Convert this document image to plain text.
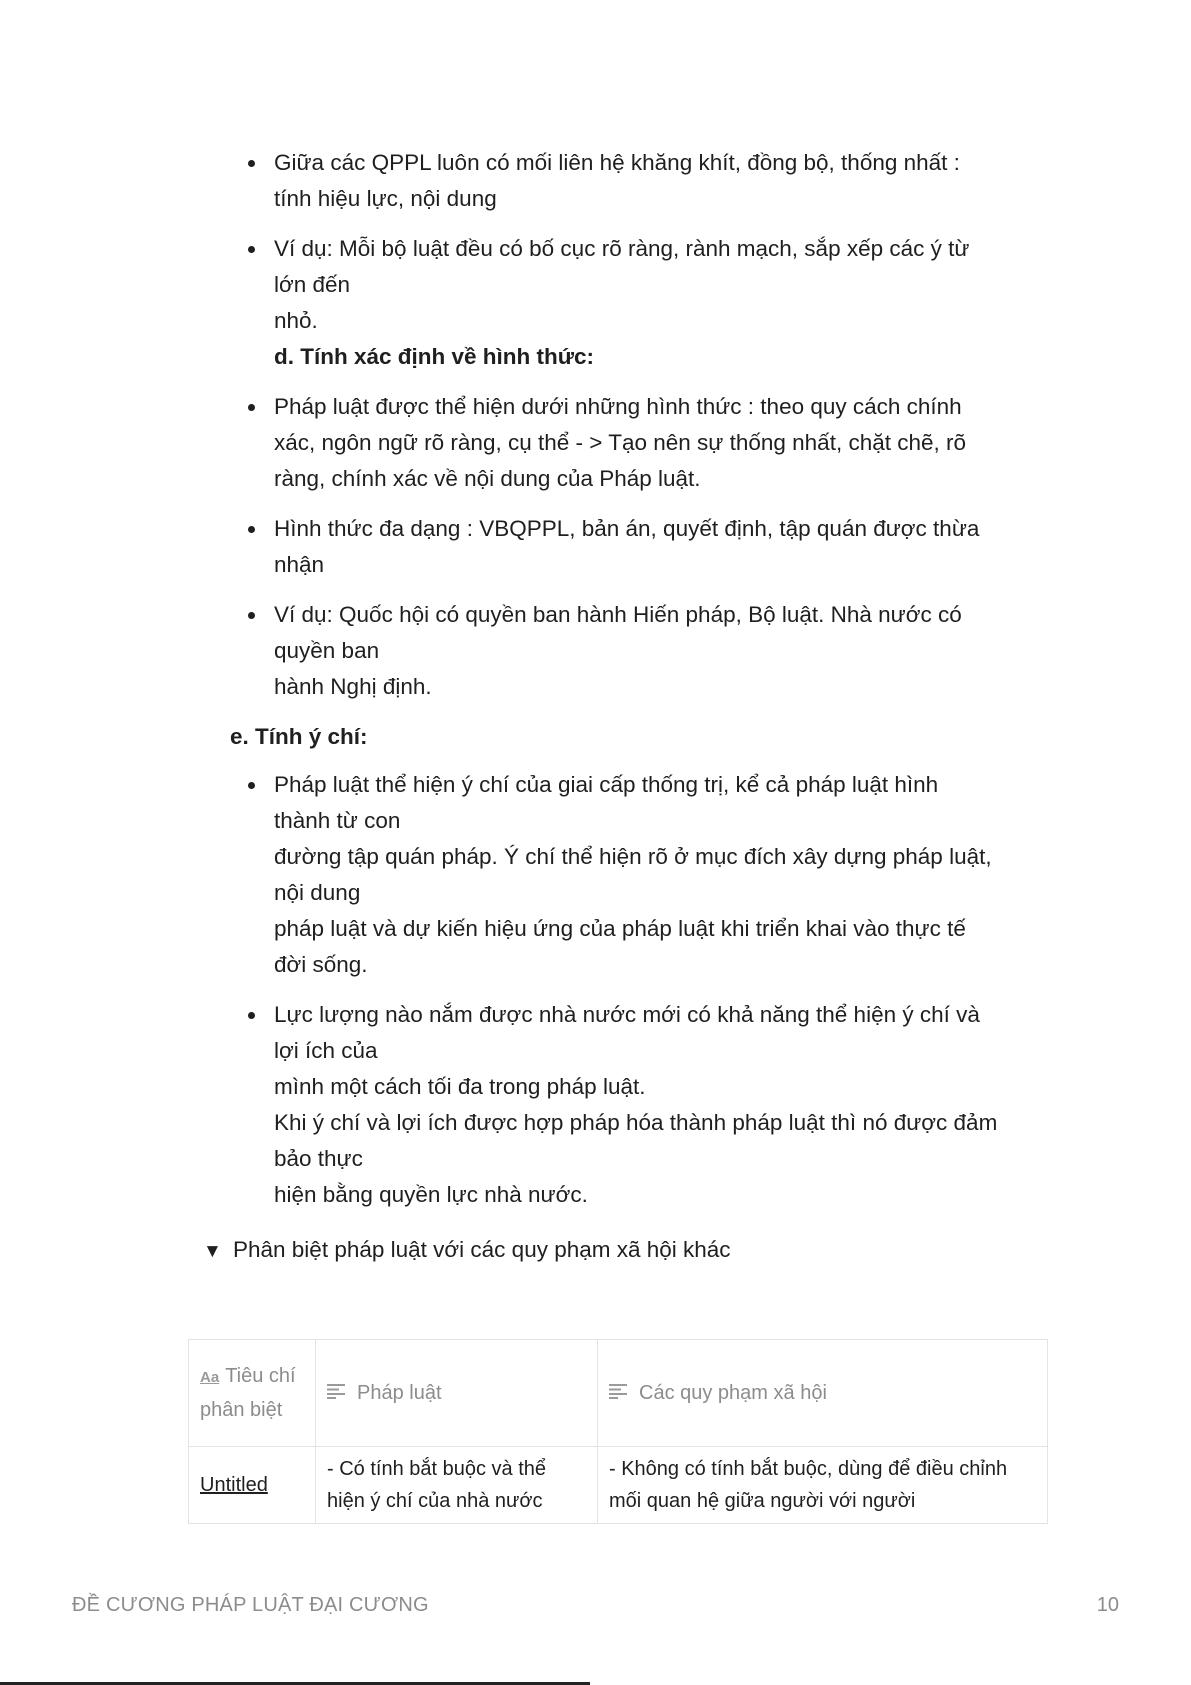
Giữa các QPPL luôn có mối liên hệ khăng khít, đồng bộ, thống nhất :
tính hiệu lực, nội dung
Ví dụ: Mỗi bộ luật đều có bố cục rõ ràng, rành mạch, sắp xếp các ý từ
lớn đến
nhỏ.
d. Tính xác định về hình thức:
Pháp luật được thể hiện dưới những hình thức : theo quy cách chính
xác, ngôn ngữ rõ ràng, cụ thể - > Tạo nên sự thống nhất, chặt chẽ, rõ
ràng, chính xác về nội dung của Pháp luật.
Hình thức đa dạng : VBQPPL, bản án, quyết định, tập quán được thừa
nhận
Ví dụ: Quốc hội có quyền ban hành Hiến pháp, Bộ luật. Nhà nước có
quyền ban
hành Nghị định.
e. Tính ý chí:
Pháp luật thể hiện ý chí của giai cấp thống trị, kể cả pháp luật hình
thành từ con
đường tập quán pháp. Ý chí thể hiện rõ ở mục đích xây dựng pháp luật,
nội dung
pháp luật và dự kiến hiệu ứng của pháp luật khi triển khai vào thực tế
đời sống.
Lực lượng nào nắm được nhà nước mới có khả năng thể hiện ý chí và
lợi ích của
mình một cách tối đa trong pháp luật.
Khi ý chí và lợi ích được hợp pháp hóa thành pháp luật thì nó được đảm
bảo thực
hiện bằng quyền lực nhà nước.
▼ Phân biệt pháp luật với các quy phạm xã hội khác
Aa Tiêu chí phân biệt	Pháp luật	Các quy phạm xã hội
Untitled	- Có tính bắt buộc và thể hiện ý chí của nhà nước	- Không có tính bắt buộc, dùng để điều chỉnh mối quan hệ giữa người với người
ĐỀ CƯƠNG PHÁP LUẬT ĐẠI CƯƠNG	10
